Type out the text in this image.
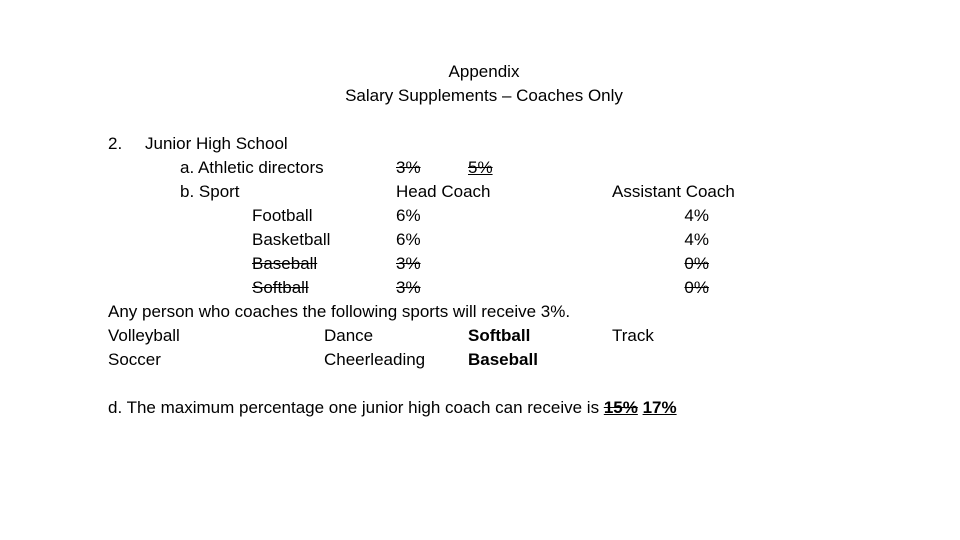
Appendix
Salary Supplements – Coaches Only
2. Junior High School
a. Athletic directors	3%	5%
b. Sport	Head Coach	Assistant Coach
Football	6%	4%
Basketball	6%	4%
Baseball	3%	0%
Softball	3%	0%
Any person who coaches the following sports will receive 3%.
Volleyball	Dance	Softball	Track
Soccer	Cheerleading	Baseball
d. The maximum percentage one junior high coach can receive is 15% 17%
